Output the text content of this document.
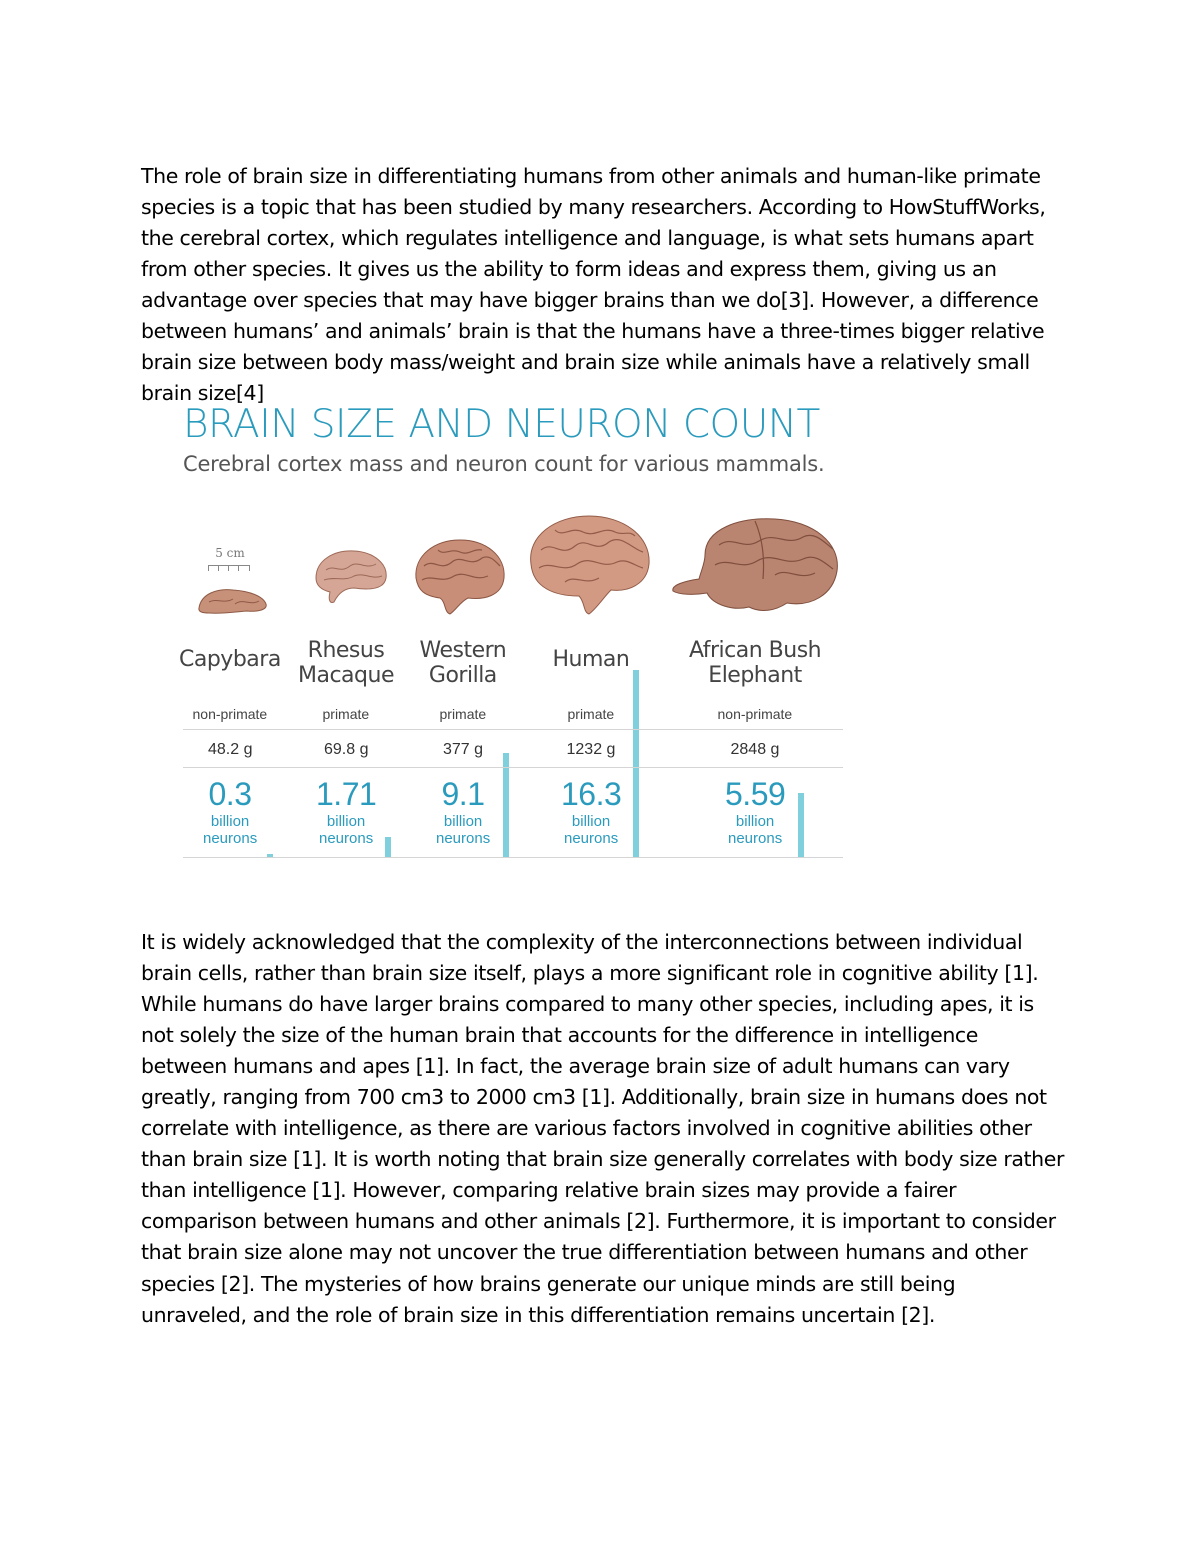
The role of brain size in differentiating humans from other animals and human-like primate species is a topic that has been studied by many researchers. According to HowStuffWorks, the cerebral cortex, which regulates intelligence and language, is what sets humans apart from other species. It gives us the ability to form ideas and express them, giving us an advantage over species that may have bigger brains than we do[3]. However, a difference between humans’ and animals’ brain is that the humans have a three-times bigger relative brain size between body mass/weight and brain size while animals have a relatively small brain size[4]

BRAIN SIZE AND NEURON COUNT
Cerebral cortex mass and neuron count for various mammals.
5 cm
Capybara
non-primate
48.2 g
0.3
billion
neurons
Rhesus
Macaque
primate
69.8 g
1.71
billion
neurons
Western
Gorilla
primate
377 g
9.1
billion
neurons
Human
primate
1232 g
16.3
billion
neurons
African Bush
Elephant
non-primate
2848 g
5.59
billion
neurons

It is widely acknowledged that the complexity of the interconnections between individual brain cells, rather than brain size itself, plays a more significant role in cognitive ability [1]. While humans do have larger brains compared to many other species, including apes, it is not solely the size of the human brain that accounts for the difference in intelligence between humans and apes [1]. In fact, the average brain size of adult humans can vary greatly, ranging from 700 cm3 to 2000 cm3 [1]. Additionally, brain size in humans does not correlate with intelligence, as there are various factors involved in cognitive abilities other than brain size [1]. It is worth noting that brain size generally correlates with body size rather than intelligence [1]. However, comparing relative brain sizes may provide a fairer comparison between humans and other animals [2]. Furthermore, it is important to consider that brain size alone may not uncover the true differentiation between humans and other species [2]. The mysteries of how brains generate our unique minds are still being unraveled, and the role of brain size in this differentiation remains uncertain [2].
